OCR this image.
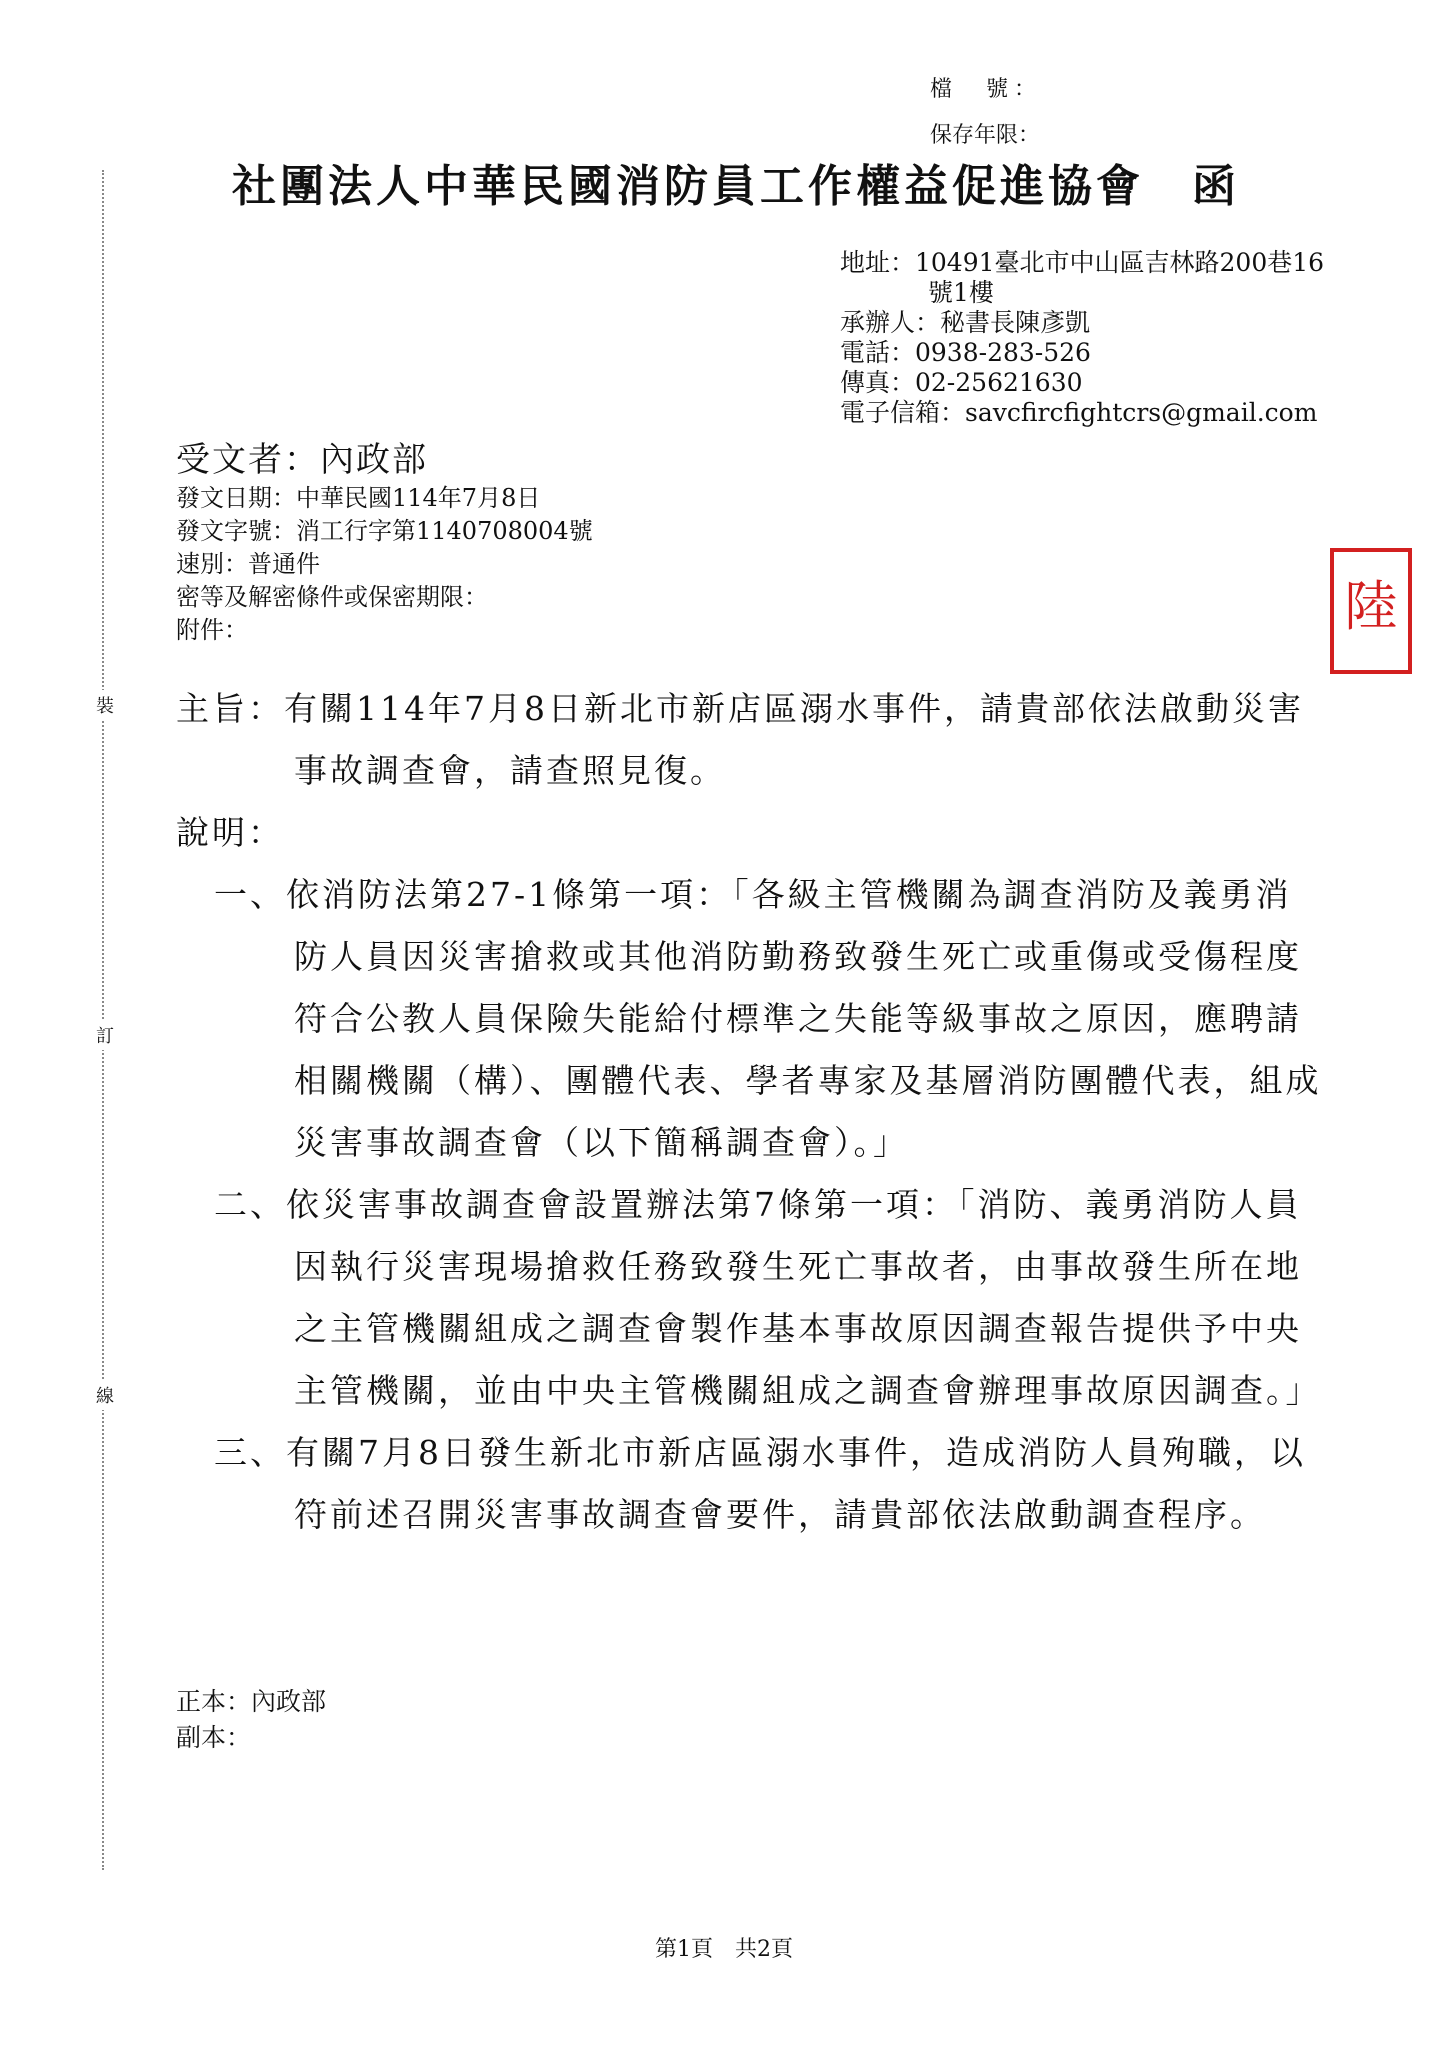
裝
訂
線
檔　號：
保存年限：
社團法人中華民國消防員工作權益促進協會　函
地址：10491臺北市中山區吉林路200巷16
號1樓
承辦人：秘書長陳彥凱
電話：0938-283-526
傳真：02-25621630
電子信箱：savcfircfightcrs@gmail.com
受文者：內政部
發文日期：中華民國114年7月8日
發文字號：消工行字第1140708004號
速別：普通件
密等及解密條件或保密期限：
附件：	陸
主旨：有關114年7月8日新北市新店區溺水事件，請貴部依法啟動災害事故調查會，請查照見復。
說明：
一、依消防法第27-1條第一項：「各級主管機關為調查消防及義勇消防人員因災害搶救或其他消防勤務致發生死亡或重傷或受傷程度符合公教人員保險失能給付標準之失能等級事故之原因，應聘請相關機關（構）、團體代表、學者專家及基層消防團體代表，組成災害事故調查會（以下簡稱調查會）。」
二、依災害事故調查會設置辦法第7條第一項：「消防、義勇消防人員因執行災害現場搶救任務致發生死亡事故者，由事故發生所在地之主管機關組成之調查會製作基本事故原因調查報告提供予中央主管機關，並由中央主管機關組成之調查會辦理事故原因調查。」
三、有關7月8日發生新北市新店區溺水事件，造成消防人員殉職，以符前述召開災害事故調查會要件，請貴部依法啟動調查程序。
正本：內政部
副本：
第1頁　共2頁
